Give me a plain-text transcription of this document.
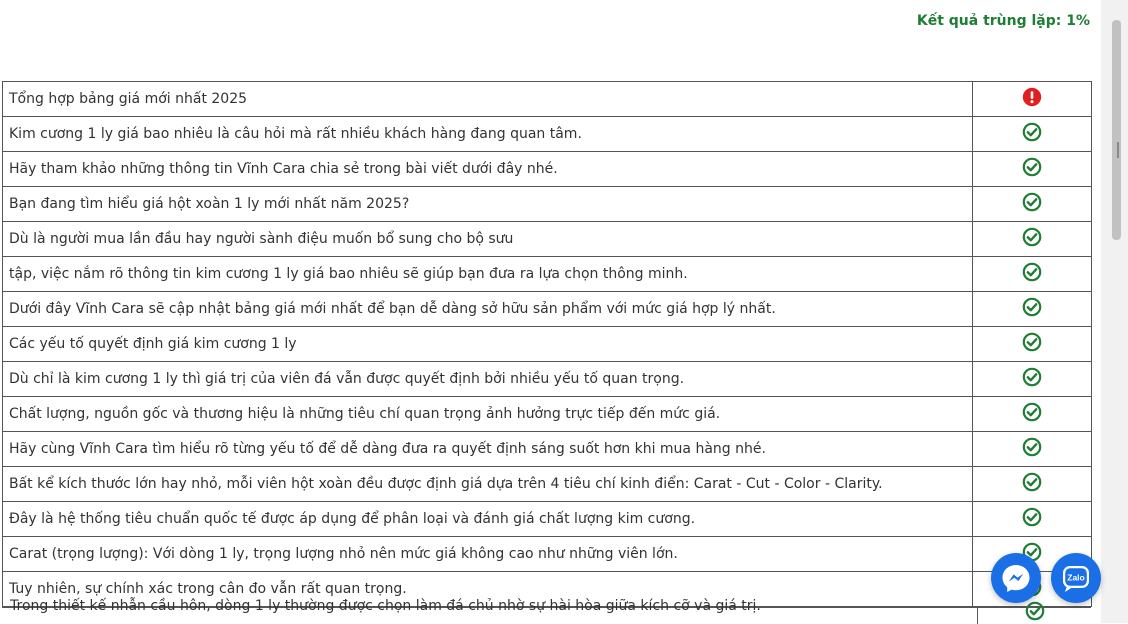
Kết quả trùng lặp: 1%
Tổng hợp bảng giá mới nhất 2025	
Kim cương 1 ly giá bao nhiêu là câu hỏi mà rất nhiều khách hàng đang quan tâm.	
Hãy tham khảo những thông tin Vĩnh Cara chia sẻ trong bài viết dưới đây nhé.	
Bạn đang tìm hiểu giá hột xoàn 1 ly mới nhất năm 2025?	
Dù là người mua lần đầu hay người sành điệu muốn bổ sung cho bộ sưu	
tập, việc nắm rõ thông tin kim cương 1 ly giá bao nhiêu sẽ giúp bạn đưa ra lựa chọn thông minh.	
Dưới đây Vĩnh Cara sẽ cập nhật bảng giá mới nhất để bạn dễ dàng sở hữu sản phẩm với mức giá hợp lý nhất.	
Các yếu tố quyết định giá kim cương 1 ly	
Dù chỉ là kim cương 1 ly thì giá trị của viên đá vẫn được quyết định bởi nhiều yếu tố quan trọng.	
Chất lượng, nguồn gốc và thương hiệu là những tiêu chí quan trọng ảnh hưởng trực tiếp đến mức giá.	
Hãy cùng Vĩnh Cara tìm hiểu rõ từng yếu tố để dễ dàng đưa ra quyết định sáng suốt hơn khi mua hàng nhé.	
Bất kể kích thước lớn hay nhỏ, mỗi viên hột xoàn đều được định giá dựa trên 4 tiêu chí kinh điển: Carat - Cut - Color - Clarity.	
Đây là hệ thống tiêu chuẩn quốc tế được áp dụng để phân loại và đánh giá chất lượng kim cương.	
Carat (trọng lượng): Với dòng 1 ly, trọng lượng nhỏ nên mức giá không cao như những viên lớn.	
Tuy nhiên, sự chính xác trong cân đo vẫn rất quan trọng.	
Trong thiết kế nhẫn cầu hôn, dòng 1 ly thường được chọn làm đá chủ nhờ sự hài hòa giữa kích cỡ và giá trị.
Zalo
